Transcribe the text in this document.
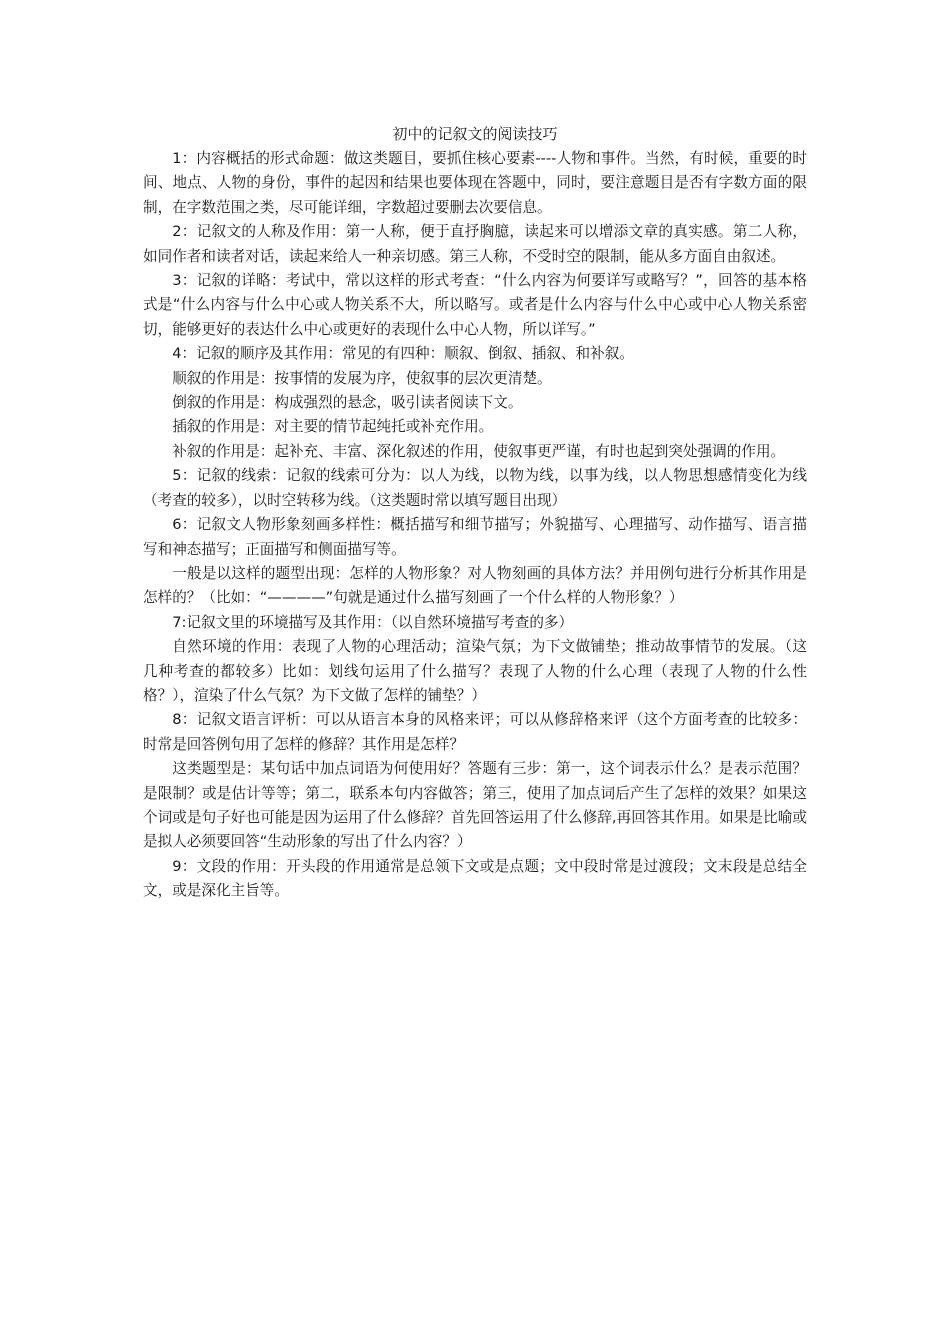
初中的记叙文的阅读技巧

1：内容概括的形式命题：做这类题目，要抓住核心要素----人物和事件。当然，有时候，重要的时间、地点、人物的身份，事件的起因和结果也要体现在答题中，同时，要注意题目是否有字数方面的限制，在字数范围之类，尽可能详细，字数超过要删去次要信息。

2：记叙文的人称及作用：第一人称，便于直抒胸臆，读起来可以增添文章的真实感。第二人称，如同作者和读者对话，读起来给人一种亲切感。第三人称，不受时空的限制，能从多方面自由叙述。

3：记叙的详略：考试中，常以这样的形式考查：“什么内容为何要详写或略写？”，回答的基本格式是“什么内容与什么中心或人物关系不大，所以略写。或者是什么内容与什么中心或中心人物关系密切，能够更好的表达什么中心或更好的表现什么中心人物，所以详写。”

4：记叙的顺序及其作用：常见的有四种：顺叙、倒叙、插叙、和补叙。

顺叙的作用是：按事情的发展为序，使叙事的层次更清楚。

倒叙的作用是：构成强烈的悬念，吸引读者阅读下文。

插叙的作用是：对主要的情节起纯托或补充作用。

补叙的作用是：起补充、丰富、深化叙述的作用，使叙事更严谨，有时也起到突处强调的作用。

5：记叙的线索：记叙的线索可分为：以人为线，以物为线，以事为线，以人物思想感情变化为线（考查的较多），以时空转移为线。（这类题时常以填写题目出现）

6：记叙文人物形象刻画多样性：概括描写和细节描写；外貌描写、心理描写、动作描写、语言描写和神态描写；正面描写和侧面描写等。

一般是以这样的题型出现：怎样的人物形象？对人物刻画的具体方法？并用例句进行分析其作用是怎样的？（比如：“————”句就是通过什么描写刻画了一个什么样的人物形象？）

7:记叙文里的环境描写及其作用：（以自然环境描写考查的多）

自然环境的作用：表现了人物的心理活动；渲染气氛；为下文做铺垫；推动故事情节的发展。（这几种考查的都较多）比如：划线句运用了什么描写？表现了人物的什么心理（表现了人物的什么性格？），渲染了什么气氛？为下文做了怎样的铺垫？）

8：记叙文语言评析：可以从语言本身的风格来评；可以从修辞格来评（这个方面考查的比较多：时常是回答例句用了怎样的修辞？其作用是怎样？

这类题型是：某句话中加点词语为何使用好？答题有三步：第一，这个词表示什么？是表示范围？是限制？或是估计等等；第二，联系本句内容做答；第三，使用了加点词后产生了怎样的效果？如果这个词或是句子好也可能是因为运用了什么修辞？首先回答运用了什么修辞,再回答其作用。如果是比喻或是拟人必须要回答“生动形象的写出了什么内容？）

9：文段的作用：开头段的作用通常是总领下文或是点题；文中段时常是过渡段；文末段是总结全文，或是深化主旨等。
